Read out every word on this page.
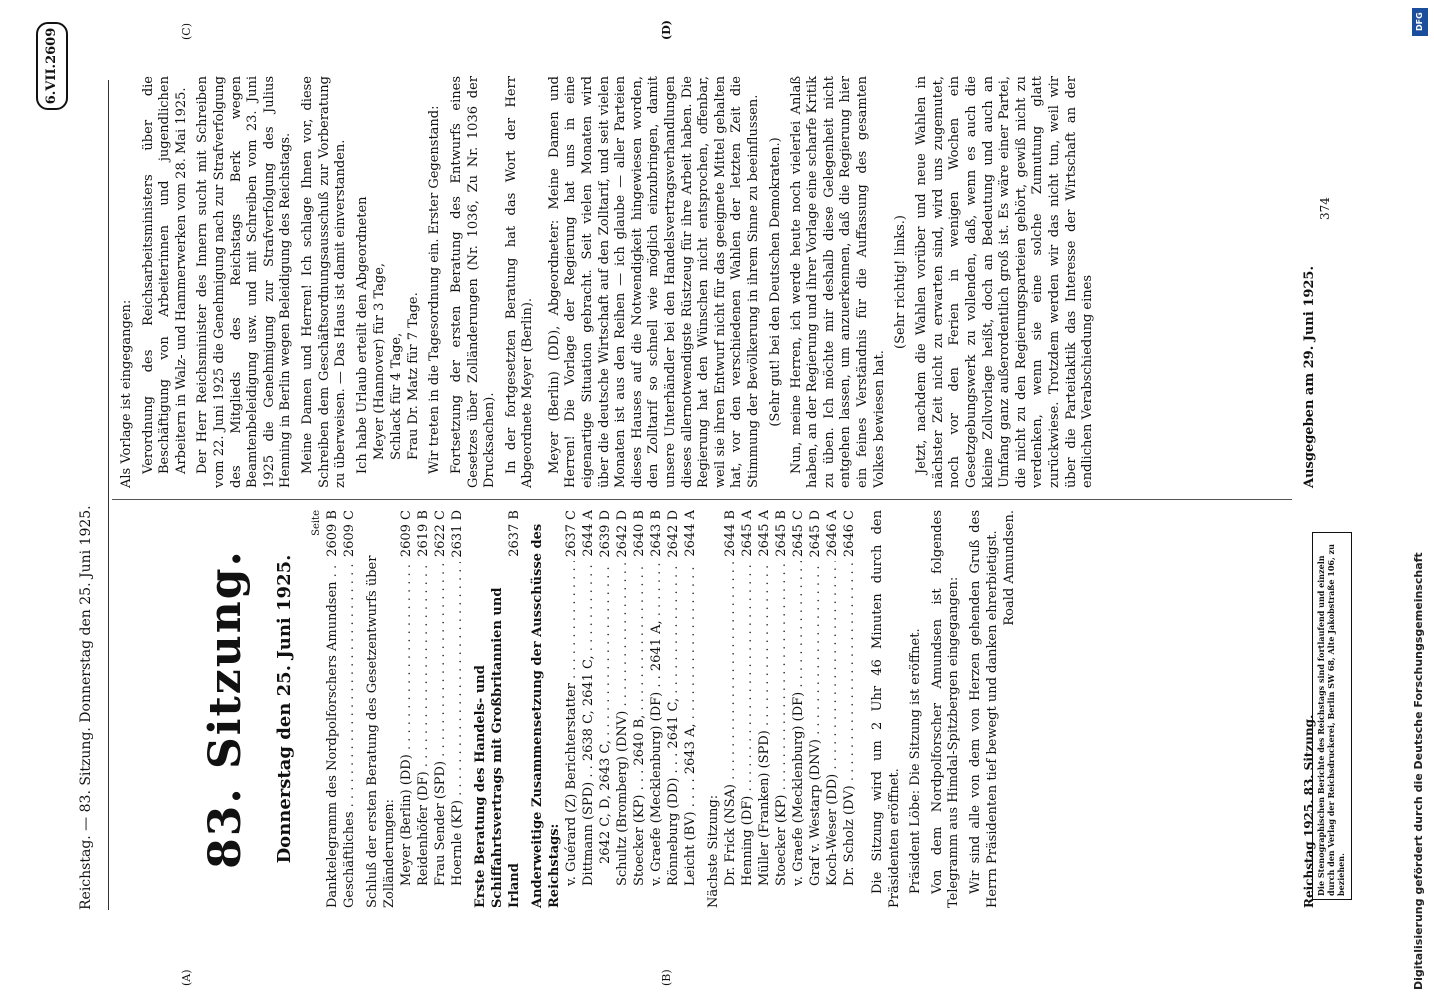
Reichstag. — 83. Sitzung. Donnerstag den 25. Juni 1925.
6.VII.2609
(A)	(B)
(C)	(D)
83. Sitzung. Donnerstag den 25. Juni 1925.
Seite
Danktelegramm des Nordpolforschers Amundsen . . .
2609 B
Geschäftliches . . .
2609 C
Schluß der ersten Beratung des Gesetzentwurfs über Zolländerungen: Meyer (Berlin) (DD) . . .
2609 C
Reidenhöfer (DF) . . .
2619 B
Frau Sender (SPD) . . .
2622 C
Hoernle (KP) . . .
2631 D
Erste Beratung des Handels- und Schiffahrtsvertrags mit Großbritannien und Irland
2637 B Anderweitige Zusammensetzung der Ausschüsse des Reichstags: v. Guérard (Z) Berichterstatter . . .
2637 C
Dittmann (SPD) . . 2638 C, 2641 C, . . .
2644 A
2642 C, D, 2643 C, . . .
2639 D
Schultz (Bromberg) (DNV) . . .
2642 D
Stoecker (KP) . . . 2640 B, . . .
2640 B
v. Graefe (Mecklenburg) (DF) . . 2641 A, . . .
2643 B
Rönneburg (DD) . . . 2641 C, . . .
2642 D
Leicht (BV) . . . . 2643 A, . . .
2644 A
Nächste Sitzung: Dr. Frick (NSA) . . .
2644 B
Henning (DF) . . .
2645 A
Müller (Franken) (SPD) . . .
2645 A
Stoecker (KP) . . .
2645 B
v. Graefe (Mecklenburg) (DF) . . .
2645 C
Graf v. Westarp (DNV) . . .
2645 D
Koch-Weser (DD) . . .
2646 A
Dr. Scholz (DV) . . .
2646 C Die Sitzung wird um 2 Uhr 46 Minuten durch den Präsidenten eröffnet. Präsident Löbe: Die Sitzung ist eröffnet. Von dem Nordpolforscher Amundsen ist folgendes Telegramm aus Himdal-Spitzbergen eingegangen: Wir sind alle von dem von Herzen gehenden Gruß des Herrn Präsidenten tief bewegt und danken ehrerbietigst. Roald Amundsen.

Als Vorlage ist eingegangen: Verordnung des Reichsarbeitsministers über die Beschäftigung von Arbeiterinnen und jugendlichen Arbeitern in Walz- und Hammerwerken vom 28. Mai 1925. Der Herr Reichsminister des Innern sucht mit Schreiben vom 22. Juni 1925 die Genehmigung nach zur Strafverfolgung des Mitglieds des Reichstags Berk wegen Beamtenbeleidigung usw. und mit Schreiben vom 23. Juni 1925 die Genehmigung zur Strafverfolgung des Julius Henning in Berlin wegen Beleidigung des Reichstags. Meine Damen und Herren! Ich schlage Ihnen vor, diese Schreiben dem Geschäftsordnungsausschuß zur Vorberatung zu überweisen. — Das Haus ist damit einverstanden. Ich habe Urlaub erteilt den Abgeordneten Meyer (Hannover) für 3 Tage, Schlack für 4 Tage, Frau Dr. Matz für 7 Tage. Wir treten in die Tagesordnung ein. Erster Gegenstand: Fortsetzung der ersten Beratung des Entwurfs eines Gesetzes über Zolländerungen (Nr. 1036, Zu Nr. 1036 der Drucksachen). In der fortgesetzten Beratung hat das Wort der Herr Abgeordnete Meyer (Berlin). Meyer (Berlin) (DD), Abgeordneter: Meine Damen und Herren! Die Vorlage der Regierung hat uns in eine eigenartige Situation gebracht. Seit vielen Monaten wird über die deutsche Wirtschaft auf den Zolltarif, und seit vielen Monaten ist aus den Reihen — ich glaube — aller Parteien dieses Hauses auf die Notwendigkeit hingewiesen worden, den Zolltarif so schnell wie möglich einzubringen, damit unsere Unterhändler bei den Handelsvertragsverhandlungen dieses allernotwendigste Rüstzeug für ihre Arbeit haben. Die Regierung hat den Wünschen nicht entsprochen, offenbar, weil sie ihren Entwurf nicht für das geeignete Mittel gehalten hat, vor den verschiedenen Wahlen der letzten Zeit die Stimmung der Bevölkerung in ihrem Sinne zu beeinflussen. (Sehr gut! bei den Deutschen Demokraten.) Nun, meine Herren, ich werde heute noch vielerlei Anlaß haben, an der Regierung und ihrer Vorlage eine scharfe Kritik zu üben. Ich möchte mir deshalb diese Gelegenheit nicht entgehen lassen, um anzuerkennen, daß die Regierung hier ein feines Verständnis für die Auffassung des gesamten Volkes bewiesen hat.

(Sehr richtig! links.) Jetzt, nachdem die Wahlen vorüber und neue Wahlen in nächster Zeit nicht zu erwarten sind, wird uns zugemutet, noch vor den Ferien in wenigen Wochen ein Gesetzgebungswerk zu vollenden, daß, wenn es auch die kleine Zollvorlage heißt, doch an Bedeutung und auch an Umfang ganz außerordentlich groß ist. Es wäre einer Partei, die nicht zu den Regierungsparteien gehört, gewiß nicht zu verdenken, wenn sie eine solche Zumutung glatt zurückwiese. Trotzdem werden wir das nicht tun, weil wir über die Parteitaktik das Interesse der Wirtschaft an der endlichen Verabschiedung eines

Reichstag 1925. 83. Sitzung.
Ausgegeben am 29. Juni 1925.
374
Die Stenographischen Berichte des Reichstags sind fortlaufend und einzeln durch den Verlag der Reichsdruckerei, Berlin SW 68, Alte Jakobstraße 106, zu beziehen.
DFG
Digitalisierung gefördert durch die Deutsche Forschungsgemeinschaft
